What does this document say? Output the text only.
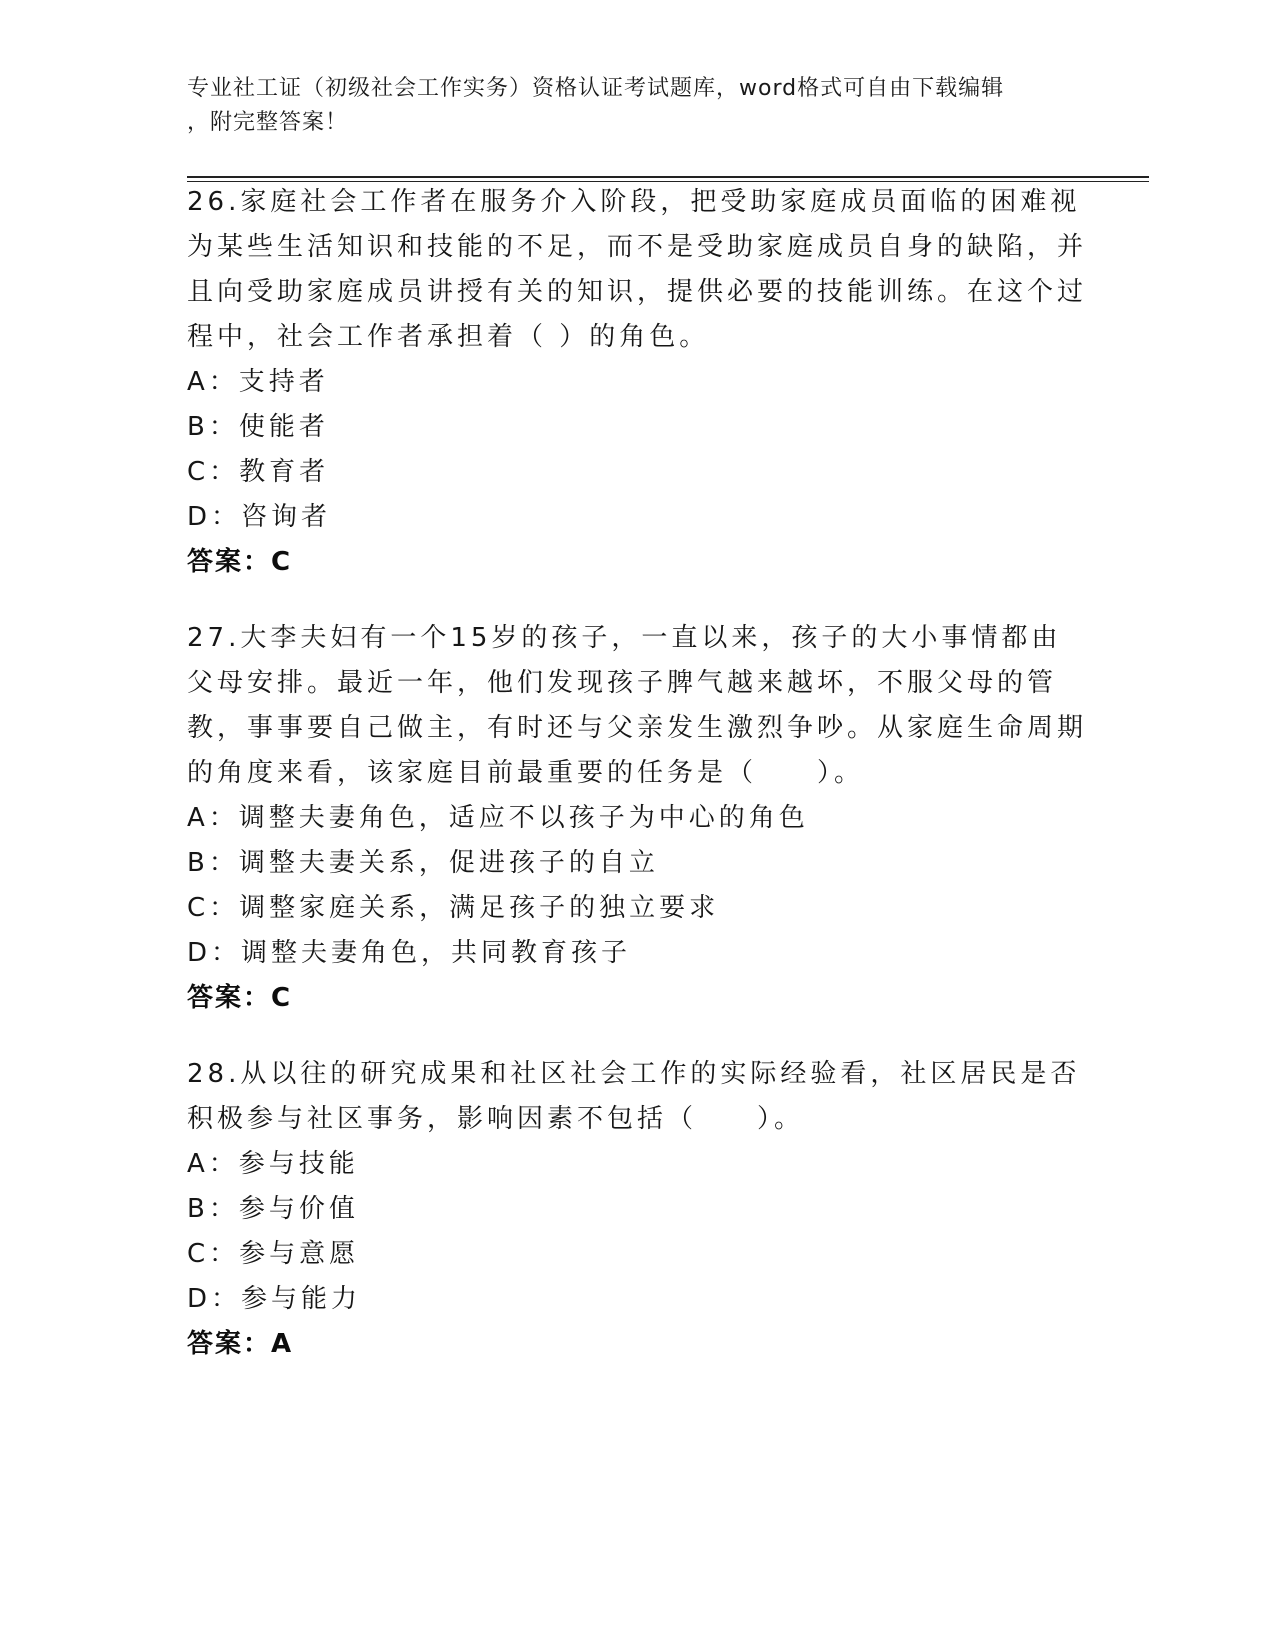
专业社工证（初级社会工作实务）资格认证考试题库，word格式可自由下载编辑
，附完整答案！

26.家庭社会工作者在服务介入阶段，把受助家庭成员面临的困难视为某些生活知识和技能的不足，而不是受助家庭成员自身的缺陷，并且向受助家庭成员讲授有关的知识，提供必要的技能训练。在这个过程中，社会工作者承担着（ ）的角色。

A：支持者

B：使能者

C：教育者

D：咨询者

答案：C

27.大李夫妇有一个15岁的孩子，一直以来，孩子的大小事情都由父母安排。最近一年，他们发现孩子脾气越来越坏，不服父母的管教，事事要自己做主，有时还与父亲发生激烈争吵。从家庭生命周期的角度来看，该家庭目前最重要的任务是（　　）。

A：调整夫妻角色，适应不以孩子为中心的角色

B：调整夫妻关系，促进孩子的自立

C：调整家庭关系，满足孩子的独立要求

D：调整夫妻角色，共同教育孩子

答案：C

28.从以往的研究成果和社区社会工作的实际经验看，社区居民是否积极参与社区事务，影响因素不包括（　　）。

A：参与技能

B：参与价值

C：参与意愿

D：参与能力

答案：A
